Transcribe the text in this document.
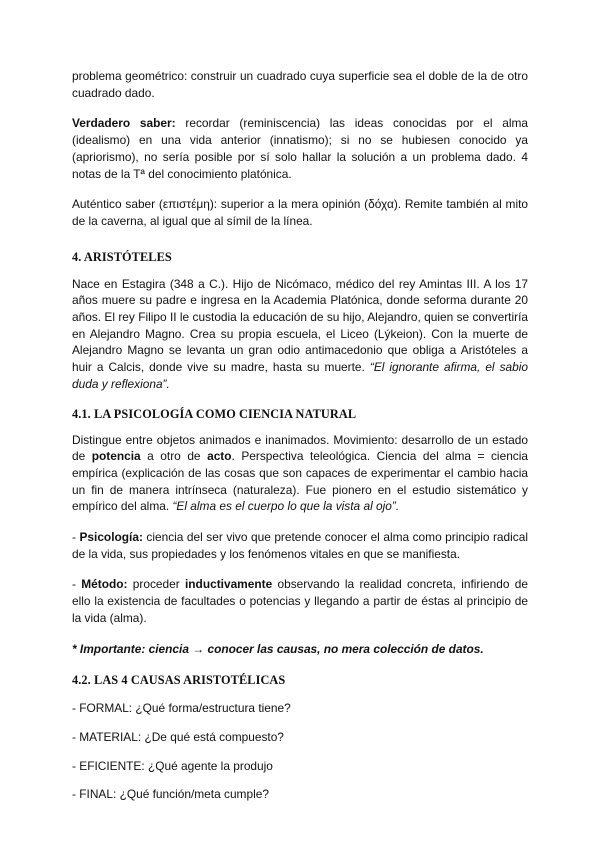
problema geométrico: construir un cuadrado cuya superficie sea el doble de la de otro cuadrado dado.

Verdadero saber: recordar (reminiscencia) las ideas conocidas por el alma (idealismo) en una vida anterior (innatismo); si no se hubiesen conocido ya (apriorismo), no sería posible por sí solo hallar la solución a un problema dado. 4 notas de la Tª del conocimiento platónica.

Auténtico saber (επιστέμη): superior a la mera opinión (δόχα). Remite también al mito de la caverna, al igual que al símil de la línea.

4. ARISTÓTELES

Nace en Estagira (348 a C.). Hijo de Nicómaco, médico del rey Amintas III. A los 17 años muere su padre e ingresa en la Academia Platónica, donde seforma durante 20 años. El rey Filipo II le custodia la educación de su hijo, Alejandro, quien se convertiría en Alejandro Magno. Crea su propia escuela, el Liceo (Lýkeion). Con la muerte de Alejandro Magno se levanta un gran odio antimacedonio que obliga a Aristóteles a huir a Calcis, donde vive su madre, hasta su muerte. “El ignorante afirma, el sabio duda y reflexiona”.

4.1. LA PSICOLOGÍA COMO CIENCIA NATURAL

Distingue entre objetos animados e inanimados. Movimiento: desarrollo de un estado de potencia a otro de acto. Perspectiva teleológica. Ciencia del alma = ciencia empírica (explicación de las cosas que son capaces de experimentar el cambio hacia un fin de manera intrínseca (naturaleza). Fue pionero en el estudio sistemático y empírico del alma. “El alma es el cuerpo lo que la vista al ojo”.

- Psicología: ciencia del ser vivo que pretende conocer el alma como principio radical de la vida, sus propiedades y los fenómenos vitales en que se manifiesta.

- Método: proceder inductivamente observando la realidad concreta, infiriendo de ello la existencia de facultades o potencias y llegando a partir de éstas al principio de la vida (alma).

* Importante: ciencia → conocer las causas, no mera colección de datos.

4.2. LAS 4 CAUSAS ARISTOTÉLICAS

- FORMAL: ¿Qué forma/estructura tiene?

- MATERIAL: ¿De qué está compuesto?

- EFICIENTE: ¿Qué agente la produjo

- FINAL: ¿Qué función/meta cumple?
